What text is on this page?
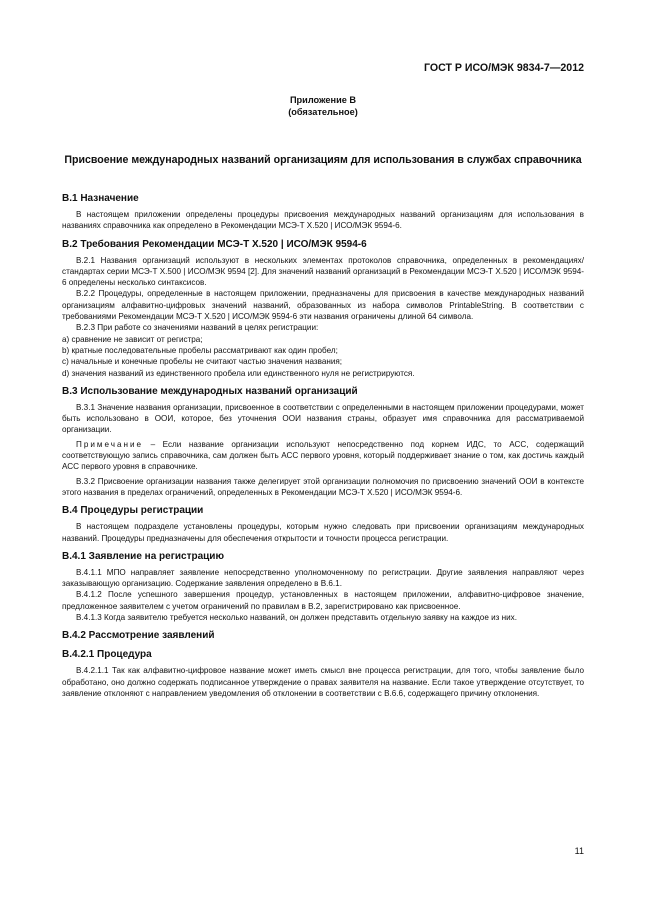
ГОСТ Р ИСО/МЭК 9834-7—2012
Приложение В
(обязательное)
Присвоение международных названий организациям для использования в службах справочника
В.1 Назначение

В настоящем приложении определены процедуры присвоения международных названий организациям для использования в названиях справочника как определено в Рекомендации МСЭ-Т Х.520 | ИСО/МЭК 9594-6.

В.2 Требования Рекомендации МСЭ-Т Х.520 | ИСО/МЭК 9594-6

В.2.1 Названия организаций используют в нескольких элементах протоколов справочника, определенных в рекомендациях/стандартах серии МСЭ-Т Х.500 | ИСО/МЭК 9594 [2]. Для значений названий организаций в Рекомендации МСЭ-Т Х.520 | ИСО/МЭК 9594-6 определены несколько синтаксисов.

В.2.2 Процедуры, определенные в настоящем приложении, предназначены для присвоения в качестве международных названий организациям алфавитно-цифровых значений названий, образованных из набора символов PrintableString. В соответствии с требованиями Рекомендации МСЭ-Т Х.520 | ИСО/МЭК 9594-6 эти названия ограничены длиной 64 символа.

В.2.3 При работе со значениями названий в целях регистрации:

a) сравнение не зависит от регистра;

b) кратные последовательные пробелы рассматривают как один пробел;

c) начальные и конечные пробелы не считают частью значения названия;

d) значения названий из единственного пробела или единственного нуля не регистрируются.

В.3 Использование международных названий организаций

В.3.1 Значение названия организации, присвоенное в соответствии с определенными в настоящем приложении процедурами, может быть использовано в ООИ, которое, без уточнения ООИ названия страны, образует имя справочника для рассматриваемой организации.

Примечание – Если название организации используют непосредственно под корнем ИДС, то АСС, содержащий соответствующую запись справочника, сам должен быть АСС первого уровня, который поддерживает знание о том, как достичь каждый АСС первого уровня в справочнике.

В.3.2 Присвоение организации названия также делегирует этой организации полномочия по присвоению значений ООИ в контексте этого названия в пределах ограничений, определенных в Рекомендации МСЭ-Т Х.520 | ИСО/МЭК 9594-6.

В.4 Процедуры регистрации

В настоящем подразделе установлены процедуры, которым нужно следовать при присвоении организациям международных названий. Процедуры предназначены для обеспечения открытости и точности процесса регистрации.

В.4.1 Заявление на регистрацию

В.4.1.1 МПО направляет заявление непосредственно уполномоченному по регистрации. Другие заявления направляют через заказывающую организацию. Содержание заявления определено в В.6.1.

В.4.1.2 После успешного завершения процедур, установленных в настоящем приложении, алфавитно-цифровое значение, предложенное заявителем с учетом ограничений по правилам в В.2, зарегистрировано как присвоенное.

В.4.1.3 Когда заявителю требуется несколько названий, он должен представить отдельную заявку на каждое из них.

В.4.2 Рассмотрение заявлений
В.4.2.1 Процедура

В.4.2.1.1 Так как алфавитно-цифровое название может иметь смысл вне процесса регистрации, для того, чтобы заявление было обработано, оно должно содержать подписанное утверждение о правах заявителя на название. Если такое утверждение отсутствует, то заявление отклоняют с направлением уведомления об отклонении в соответствии с В.6.6, содержащего причину отклонения.

11
